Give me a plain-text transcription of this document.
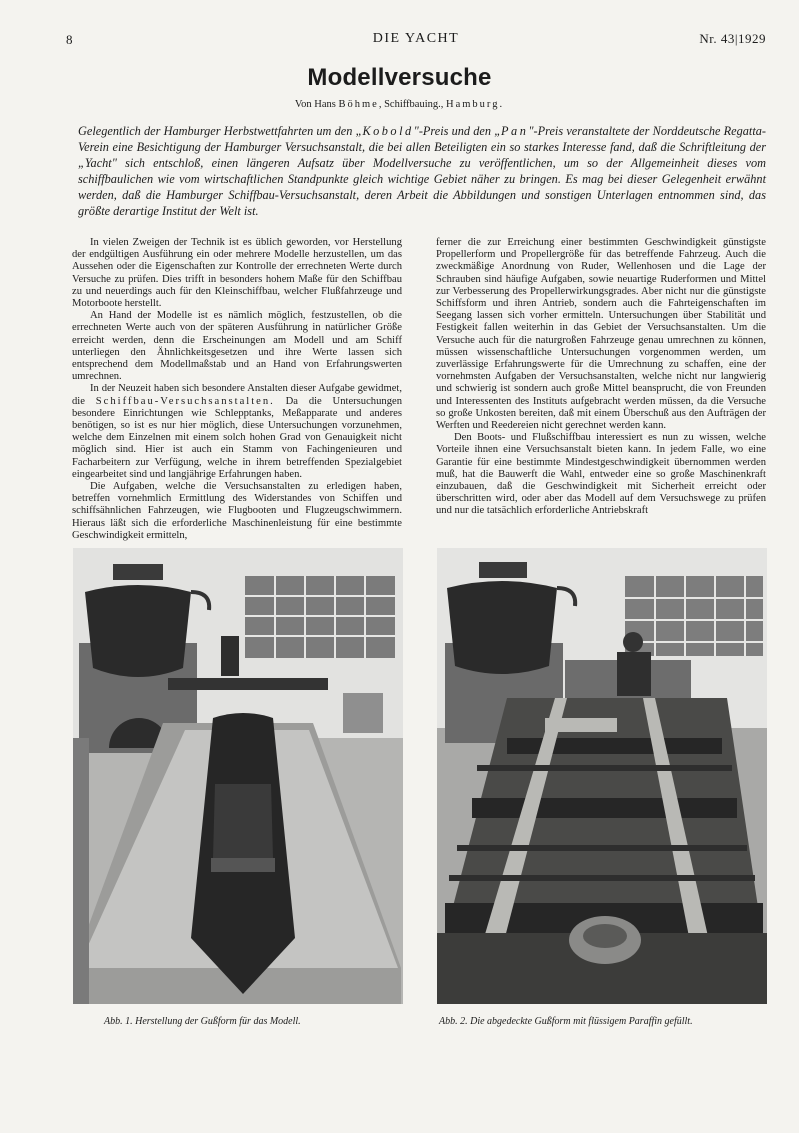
8	DIE YACHT	Nr. 43|1929
Modellversuche
Von Hans Böhme, Schiffbauing., Hamburg.
Gelegentlich der Hamburger Herbstwettfahrten um den „Kobold"-Preis und den „Pan"-Preis veranstaltete der Norddeutsche Regatta-Verein eine Besichtigung der Hamburger Versuchsanstalt, die bei allen Beteiligten ein so starkes Interesse fand, daß die Schriftleitung der „Yacht" sich entschloß, einen längeren Aufsatz über Modellversuche zu veröffentlichen, um so der Allgemeinheit dieses vom schiffbaulichen wie vom wirtschaftlichen Standpunkte gleich wichtige Gebiet näher zu bringen. Es mag bei dieser Gelegenheit erwähnt werden, daß die Hamburger Schiffbau-Versuchsanstalt, deren Arbeit die Abbildungen und sonstigen Unterlagen entnommen sind, das größte derartige Institut der Welt ist.

In vielen Zweigen der Technik ist es üblich geworden, vor Herstellung der endgültigen Ausführung ein oder mehrere Modelle herzustellen, um das Aussehen oder die Eigenschaften zur Kontrolle der errechneten Werte durch Versuche zu prüfen. Dies trifft in besonders hohem Maße für den Schiffbau zu und neuerdings auch für den Kleinschiffbau, welcher Flußfahrzeuge und Motorboote herstellt.

An Hand der Modelle ist es nämlich möglich, festzustellen, ob die errechneten Werte auch von der späteren Ausführung in natürlicher Größe erreicht werden, denn die Erscheinungen am Modell und am Schiff unterliegen den Ähnlichkeitsgesetzen und ihre Werte lassen sich entsprechend dem Modellmaßstab und an Hand von Erfahrungswerten umrechnen.

In der Neuzeit haben sich besondere Anstalten dieser Aufgabe gewidmet, die Schiffbau-Versuchsanstalten. Da die Untersuchungen besondere Einrichtungen wie Schlepptanks, Meßapparate und anderes benötigen, so ist es nur hier möglich, diese Untersuchungen vorzunehmen, welche dem Einzelnen mit einem solch hohen Grad von Genauigkeit nicht möglich sind. Hier ist auch ein Stamm von Fachingenieuren und Facharbeitern zur Verfügung, welche in ihrem betreffenden Spezialgebiet eingearbeitet sind und langjährige Erfahrungen haben.

Die Aufgaben, welche die Versuchsanstalten zu erledigen haben, betreffen vornehmlich Ermittlung des Widerstandes von Schiffen und schiffsähnlichen Fahrzeugen, wie Flugbooten und Flugzeugschwimmern. Hieraus läßt sich die erforderliche Maschinenleistung für eine bestimmte Geschwindigkeit ermitteln,

ferner die zur Erreichung einer bestimmten Geschwindigkeit günstigste Propellerform und Propellergröße für das betreffende Fahrzeug. Auch die zweckmäßige Anordnung von Ruder, Wellenhosen und die Lage der Schrauben sind häufige Aufgaben, sowie neuartige Ruderformen und Mittel zur Verbesserung des Propellerwirkungsgrades. Aber nicht nur die günstigste Schiffsform und ihren Antrieb, sondern auch die Fahrteigenschaften im Seegang lassen sich vorher ermitteln. Untersuchungen über Stabilität und Festigkeit fallen weiterhin in das Gebiet der Versuchsanstalten. Um die Versuche auch für die naturgroßen Fahrzeuge genau umrechnen zu können, müssen wissenschaftliche Untersuchungen vorgenommen werden, um zuverlässige Erfahrungswerte für die Umrechnung zu schaffen, eine der vornehmsten Aufgaben der Versuchsanstalten, welche nicht nur langwierig und schwierig ist sondern auch große Mittel beansprucht, die von Freunden und Interessenten des Instituts aufgebracht werden müssen, da die Versuche so große Unkosten bereiten, daß mit einem Überschuß aus den Aufträgen der Werften und Reedereien nicht gerechnet werden kann.

Den Boots- und Flußschiffbau interessiert es nun zu wissen, welche Vorteile ihnen eine Versuchsanstalt bieten kann. In jedem Falle, wo eine Garantie für eine bestimmte Mindestgeschwindigkeit übernommen werden muß, hat die Bauwerft die Wahl, entweder eine so große Maschinenkraft einzubauen, daß die Geschwindigkeit mit Sicherheit erreicht oder überschritten wird, oder aber das Modell auf dem Versuchswege zu prüfen und nur die tatsächlich erforderliche Antriebskraft

Abb. 1. Herstellung der Gußform für das Modell.	Abb. 2. Die abgedeckte Gußform mit flüssigem Paraffin gefüllt.
